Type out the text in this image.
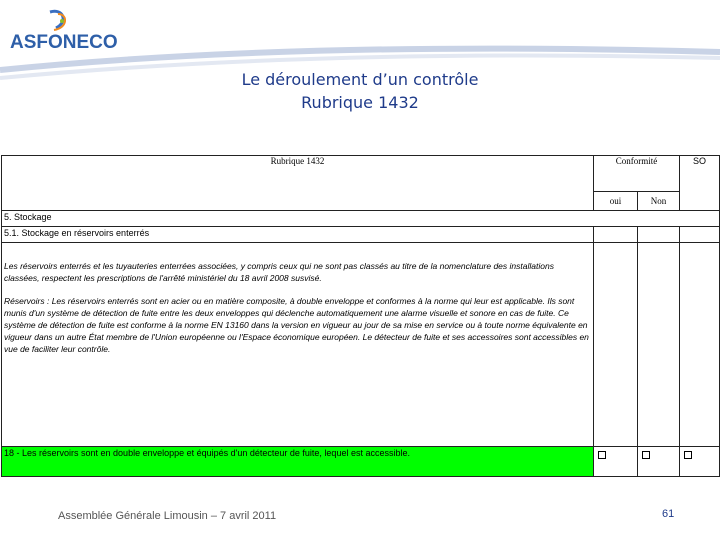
ASFONECO
Le déroulement d’un contrôle
Rubrique 1432
Rubrique 1432	Conformité		SO
	oui	Non	
5. Stockage			
5.1. Stockage en réservoirs enterrés			

Les réservoirs enterrés et les tuyauteries enterrées associées, y compris ceux qui ne sont pas classés au titre de la nomenclature des installations classées, respectent les prescriptions de l'arrêté ministériel du 18 avril 2008 susvisé.
Réservoirs : Les réservoirs enterrés sont en acier ou en matière composite, à double enveloppe et conformes à la norme qui leur est applicable. Ils sont munis d'un système de détection de fuite entre les deux enveloppes qui déclenche automatiquement une alarme visuelle et sonore en cas de fuite. Ce système de détection de fuite est conforme à la norme EN 13160 dans la version en vigueur au jour de sa mise en service ou à toute norme équivalente en vigueur dans un autre État membre de l'Union européenne ou l'Espace économique européen. Le détecteur de fuite et ses accessoires sont accessibles en vue de faciliter leur contrôle.			

18 - Les réservoirs sont en double enveloppe et équipés d'un détecteur de fuite, lequel est accessible.			
Assemblée Générale Limousin – 7 avril 2011	61
